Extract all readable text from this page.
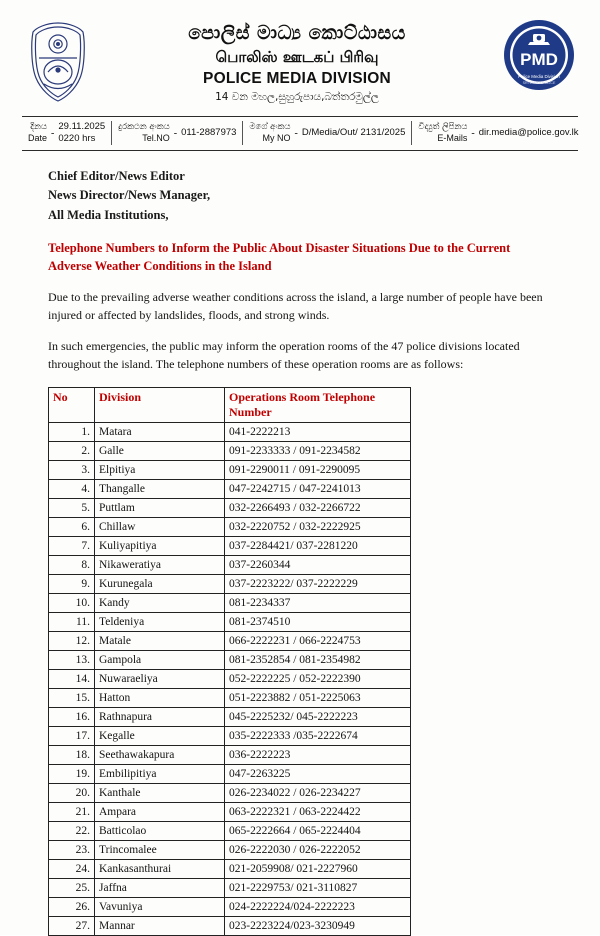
පොලිස් මාධ්‍ය කොට්ඨාසය
பொலிஸ் ஊடகப் பிரிவு
POLICE MEDIA DIVISION
14 වන මහල,සුහුරුපාය,බත්තරමුල්ල
PMD
Police Media Division
SRI LANKA POLICE
දිනය
Date -
29.11.2025
0220 hrs
දුරකථන අංකය
Tel.NO - 011-2887973
මගේ අංකය
My NO - D/Media/Out/ 2131/2025
විද්‍යුත් ලිපිනය
E-Mails - dir.media@police.gov.lk
Chief Editor/News Editor
News Director/News Manager,
All Media Institutions,
Telephone Numbers to Inform the Public About Disaster Situations Due to the Current Adverse Weather Conditions in the Island
Due to the prevailing adverse weather conditions across the island, a large number of people have been injured or affected by landslides, floods, and strong winds.
In such emergencies, the public may inform the operation rooms of the 47 police divisions located throughout the island. The telephone numbers of these operation rooms are as follows:
No	Division	Operations Room Telephone Number
1.	Matara	041-2222213
2.	Galle	091-2233333 / 091-2234582
3.	Elpitiya	091-2290011 / 091-2290095
4.	Thangalle	047-2242715 / 047-2241013
5.	Puttlam	032-2266493 / 032-2266722
6.	Chillaw	032-2220752 / 032-2222925
7.	Kuliyapitiya	037-2284421/ 037-2281220
8.	Nikaweratiya	037-2260344
9.	Kurunegala	037-2223222/ 037-2222229
10.	Kandy	081-2234337
11.	Teldeniya	081-2374510
12.	Matale	066-2222231 / 066-2224753
13.	Gampola	081-2352854 / 081-2354982
14.	Nuwaraeliya	052-2222225 / 052-2222390
15.	Hatton	051-2223882 / 051-2225063
16.	Rathnapura	045-2225232/ 045-2222223
17.	Kegalle	035-2222333 /035-2222674
18.	Seethawakapura	036-2222223
19.	Embilipitiya	047-2263225
20.	Kanthale	026-2234022 / 026-2234227
21.	Ampara	063-2222321 / 063-2224422
22.	Batticolao	065-2222664 / 065-2224404
23.	Trincomalee	026-2222030 / 026-2222052
24.	Kankasanthurai	021-2059908/ 021-2227960
25.	Jaffna	021-2229753/ 021-3110827
26.	Vavuniya	024-2222224/024-2222223
27.	Mannar	023-2223224/023-3230949
